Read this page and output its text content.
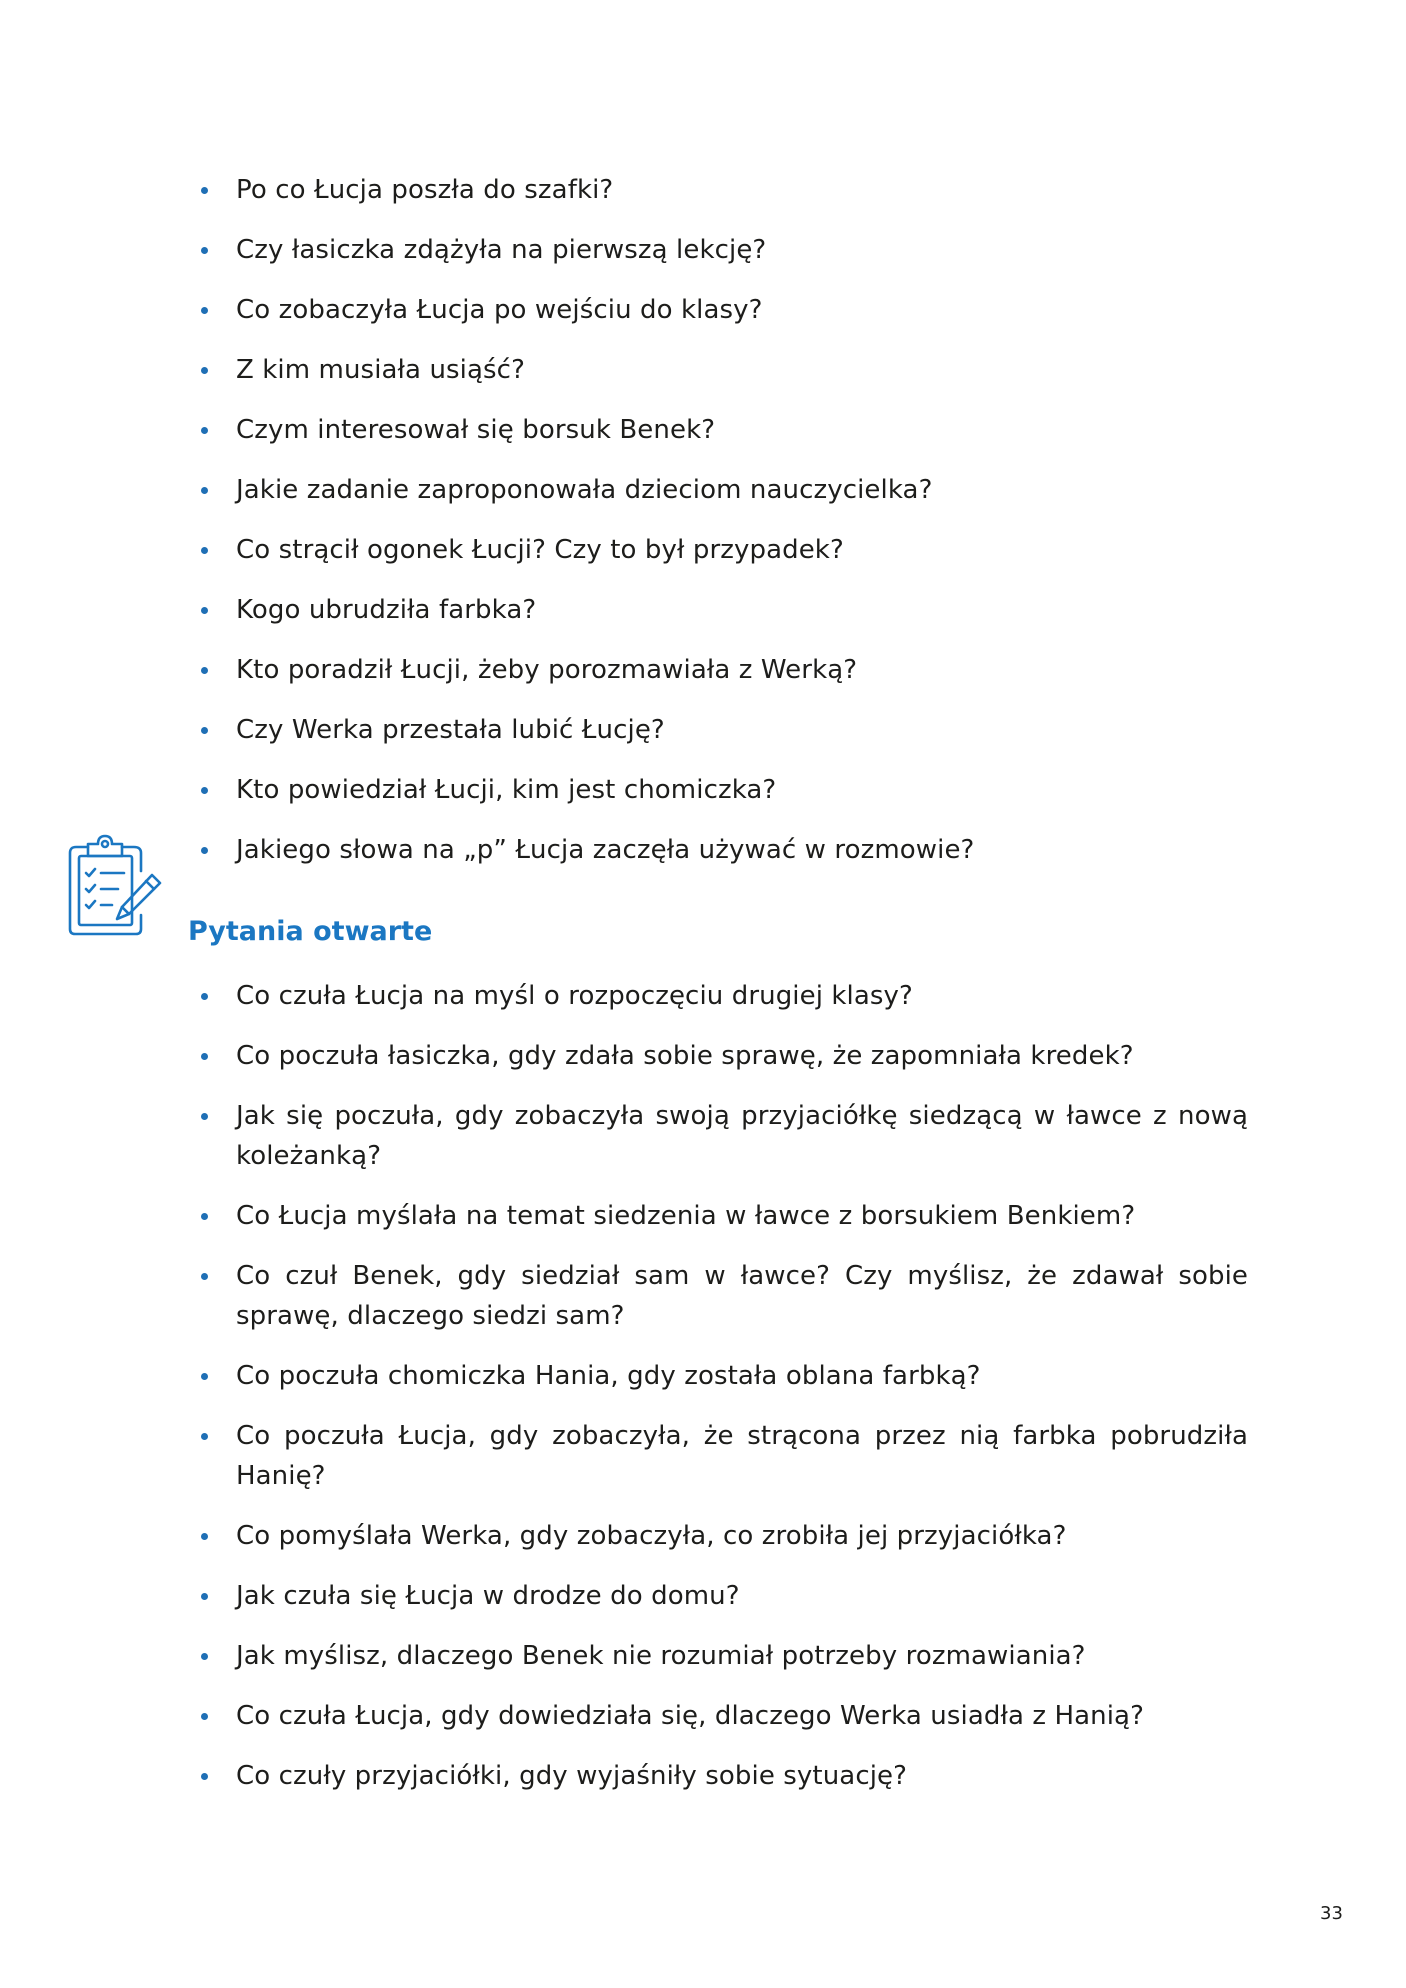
Po co Łucja poszła do szafki?
Czy łasiczka zdążyła na pierwszą lekcję?
Co zobaczyła Łucja po wejściu do klasy?
Z kim musiała usiąść?
Czym interesował się borsuk Benek?
Jakie zadanie zaproponowała dzieciom nauczycielka?
Co strącił ogonek Łucji? Czy to był przypadek?
Kogo ubrudziła farbka?
Kto poradził Łucji, żeby porozmawiała z Werką?
Czy Werka przestała lubić Łucję?
Kto powiedział Łucji, kim jest chomiczka?
Jakiego słowa na „p” Łucja zaczęła używać w rozmowie?
Pytania otwarte
Co czuła Łucja na myśl o rozpoczęciu drugiej klasy?
Co poczuła łasiczka, gdy zdała sobie sprawę, że zapomniała kredek?
Jak się poczuła, gdy zobaczyła swoją przyjaciółkę siedzącą w ławce z nową koleżanką?
Co Łucja myślała na temat siedzenia w ławce z borsukiem Benkiem?
Co czuł Benek, gdy siedział sam w ławce? Czy myślisz, że zdawał sobie sprawę, dlaczego siedzi sam?
Co poczuła chomiczka Hania, gdy została oblana farbką?
Co poczuła Łucja, gdy zobaczyła, że strącona przez nią farbka pobrudziła Hanię?
Co pomyślała Werka, gdy zobaczyła, co zrobiła jej przyjaciółka?
Jak czuła się Łucja w drodze do domu?
Jak myślisz, dlaczego Benek nie rozumiał potrzeby rozmawiania?
Co czuła Łucja, gdy dowiedziała się, dlaczego Werka usiadła z Hanią?
Co czuły przyjaciółki, gdy wyjaśniły sobie sytuację?
33
